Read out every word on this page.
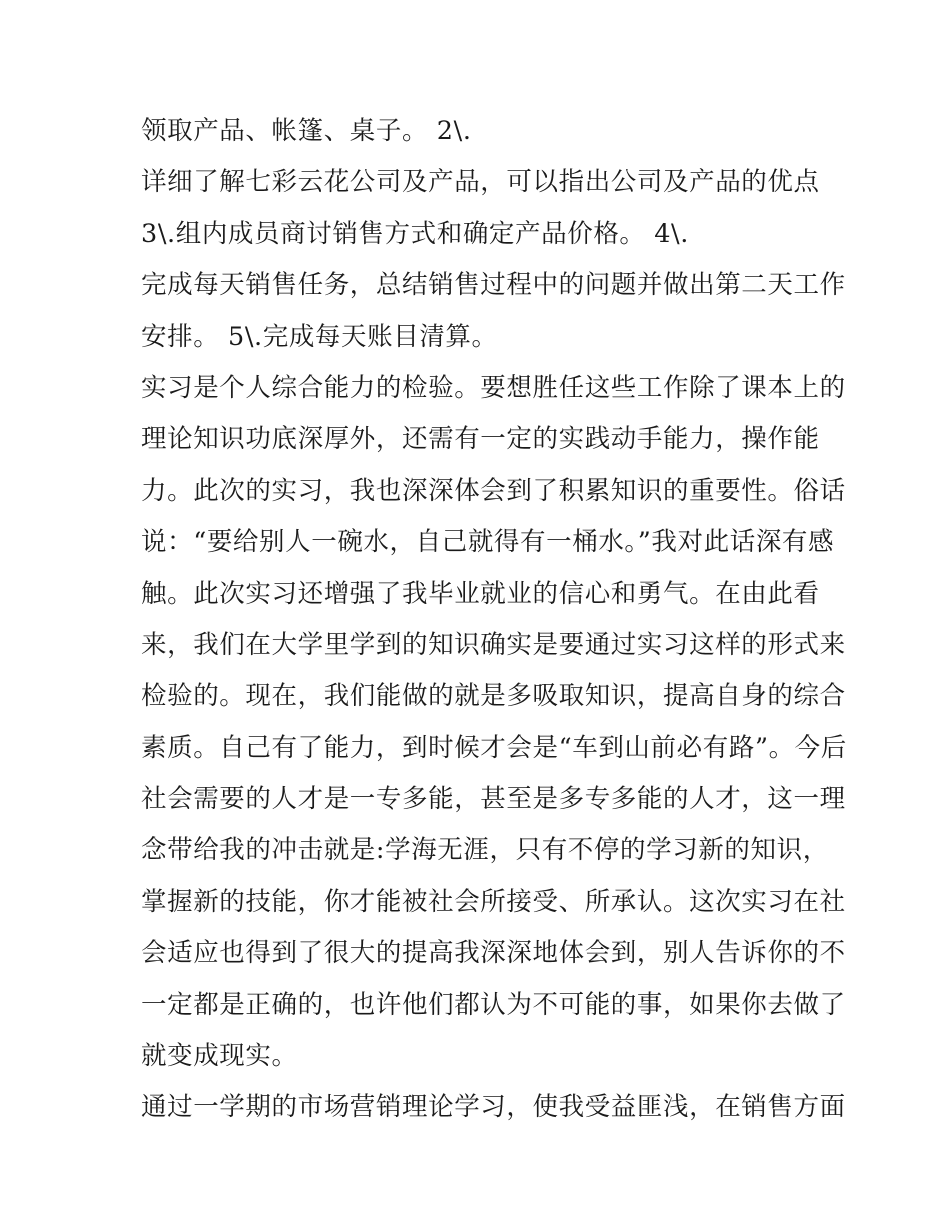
领取产品、帐篷、桌子。 2\.
详细了解七彩云花公司及产品，可以指出公司及产品的优点
3\.组内成员商讨销售方式和确定产品价格。 4\.
完成每天销售任务，总结销售过程中的问题并做出第二天工作
安排。 5\.完成每天账目清算。
实习是个人综合能力的检验。要想胜任这些工作除了课本上的
理论知识功底深厚外，还需有一定的实践动手能力，操作能
力。此次的实习，我也深深体会到了积累知识的重要性。俗话
说：“要给别人一碗水，自己就得有一桶水。”我对此话深有感
触。此次实习还增强了我毕业就业的信心和勇气。在由此看
来，我们在大学里学到的知识确实是要通过实习这样的形式来
检验的。现在，我们能做的就是多吸取知识，提高自身的综合
素质。自己有了能力，到时候才会是“车到山前必有路”。今后
社会需要的人才是一专多能，甚至是多专多能的人才，这一理
念带给我的冲击就是:学海无涯，只有不停的学习新的知识，
掌握新的技能，你才能被社会所接受、所承认。这次实习在社
会适应也得到了很大的提高我深深地体会到，别人告诉你的不
一定都是正确的，也许他们都认为不可能的事，如果你去做了
就变成现实。
通过一学期的市场营销理论学习，使我受益匪浅，在销售方面
